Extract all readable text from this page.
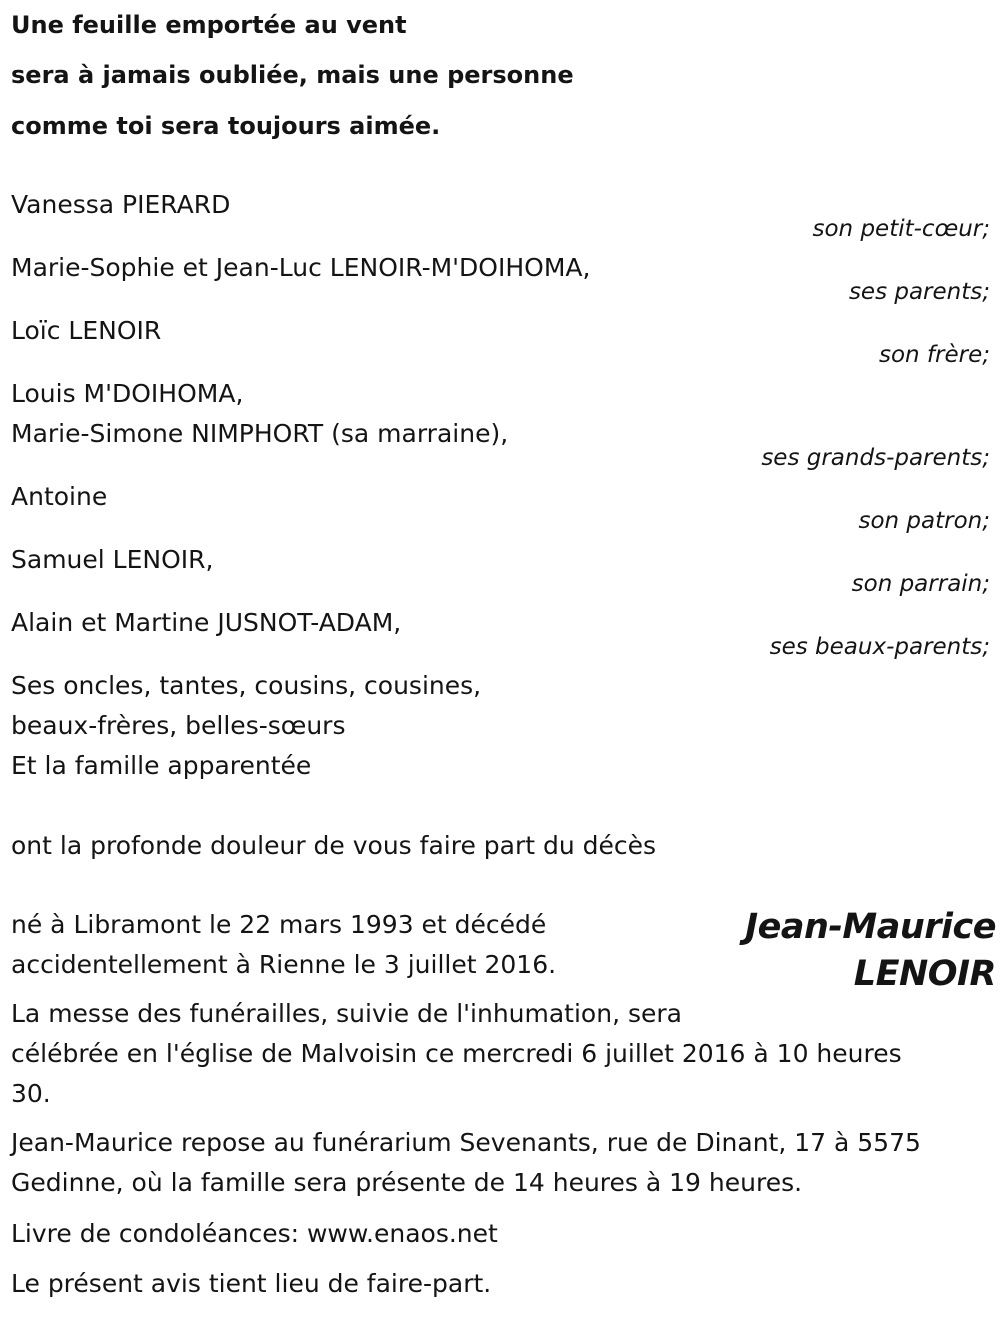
Une feuille emportée au vent
sera à jamais oubliée, mais une personne
comme toi sera toujours aimée.
Vanessa PIERARD
son petit-cœur;
Marie-Sophie et Jean-Luc LENOIR-M'DOIHOMA,
ses parents;
Loïc LENOIR
son frère;
Louis M'DOIHOMA,
Marie-Simone NIMPHORT (sa marraine),
ses grands-parents;
Antoine
son patron;
Samuel LENOIR,
son parrain;
Alain et Martine JUSNOT-ADAM,
ses beaux-parents;
Ses oncles, tantes, cousins, cousines,
beaux-frères, belles-sœurs
Et la famille apparentée
ont la profonde douleur de vous faire part du décès
Jean-Maurice
LENOIR
né à Libramont le 22 mars 1993 et décédé
accidentellement à Rienne le 3 juillet 2016.
La messe des funérailles, suivie de l'inhumation, sera
célébrée en l'église de Malvoisin ce mercredi 6 juillet 2016 à 10 heures
30.
Jean-Maurice repose au funérarium Sevenants, rue de Dinant, 17 à 5575
Gedinne, où la famille sera présente de 14 heures à 19 heures.
Livre de condoléances: www.enaos.net
Le présent avis tient lieu de faire-part.
